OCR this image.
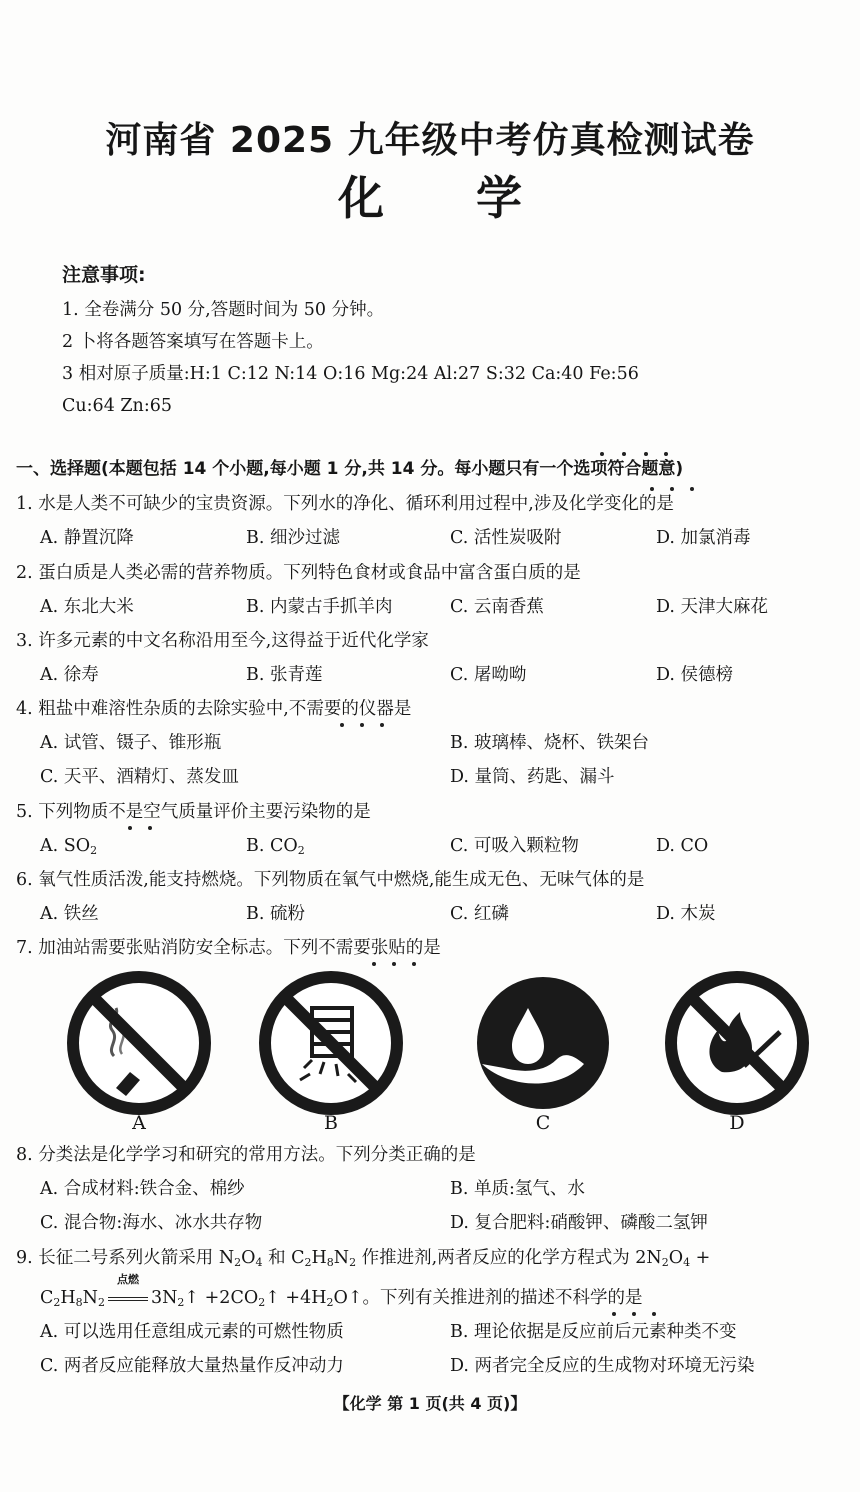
河南省 2025 九年级中考仿真检测试卷
化学
注意事项:
1. 全卷满分 50 分,答题时间为 50 分钟。
2 卜将各题答案填写在答题卡上。
3 相对原子质量:H:1 C:12 N:14 O:16 Mg:24 Al:27 S:32 Ca:40 Fe:56
Cu:64 Zn:65
一、选择题(本题包括 14 个小题,每小题 1 分,共 14 分。每小题只有一个选项符合题意)
1. 水是人类不可缺少的宝贵资源。下列水的净化、循环利用过程中,涉及化学变化的是
A. 静置沉降	B. 细沙过滤	C. 活性炭吸附	D. 加氯消毒
2. 蛋白质是人类必需的营养物质。下列特色食材或食品中富含蛋白质的是
A. 东北大米	B. 内蒙古手抓羊肉	C. 云南香蕉	D. 天津大麻花
3. 许多元素的中文名称沿用至今,这得益于近代化学家
A. 徐寿	B. 张青莲	C. 屠呦呦	D. 侯德榜
4. 粗盐中难溶性杂质的去除实验中,不需要的仪器是
A. 试管、镊子、锥形瓶	B. 玻璃棒、烧杯、铁架台
C. 天平、酒精灯、蒸发皿	D. 量筒、药匙、漏斗
5. 下列物质不是空气质量评价主要污染物的是
A. $SO_2$	B. $CO_2$	C. 可吸入颗粒物	D. CO
6. 氧气性质活泼,能支持燃烧。下列物质在氧气中燃烧,能生成无色、无味气体的是
A. 铁丝	B. 硫粉	C. 红磷	D. 木炭
7. 加油站需要张贴消防安全标志。下列不需要张贴的是
A	B	C	D
8. 分类法是化学学习和研究的常用方法。下列分类正确的是
A. 合成材料:铁合金、棉纱	B. 单质:氢气、水
C. 混合物:海水、冰水共存物	D. 复合肥料:硝酸钾、磷酸二氢钾
9. 长征二号系列火箭采用 $N_2O_4$ 和 $C_2H_8N_2$ 作推进剂,两者反应的化学方程式为 $2N_2O_4$ +
$C_2H_8N_2$
点燃
$3N_2↑$ $+2CO_2↑$ $+4H_2O↑$。下列有关推进剂的描述不科学的是
A. 可以选用任意组成元素的可燃性物质	B. 理论依据是反应前后元素种类不变
C. 两者反应能释放大量热量作反冲动力	D. 两者完全反应的生成物对环境无污染
【化学 第 1 页(共 4 页)】
